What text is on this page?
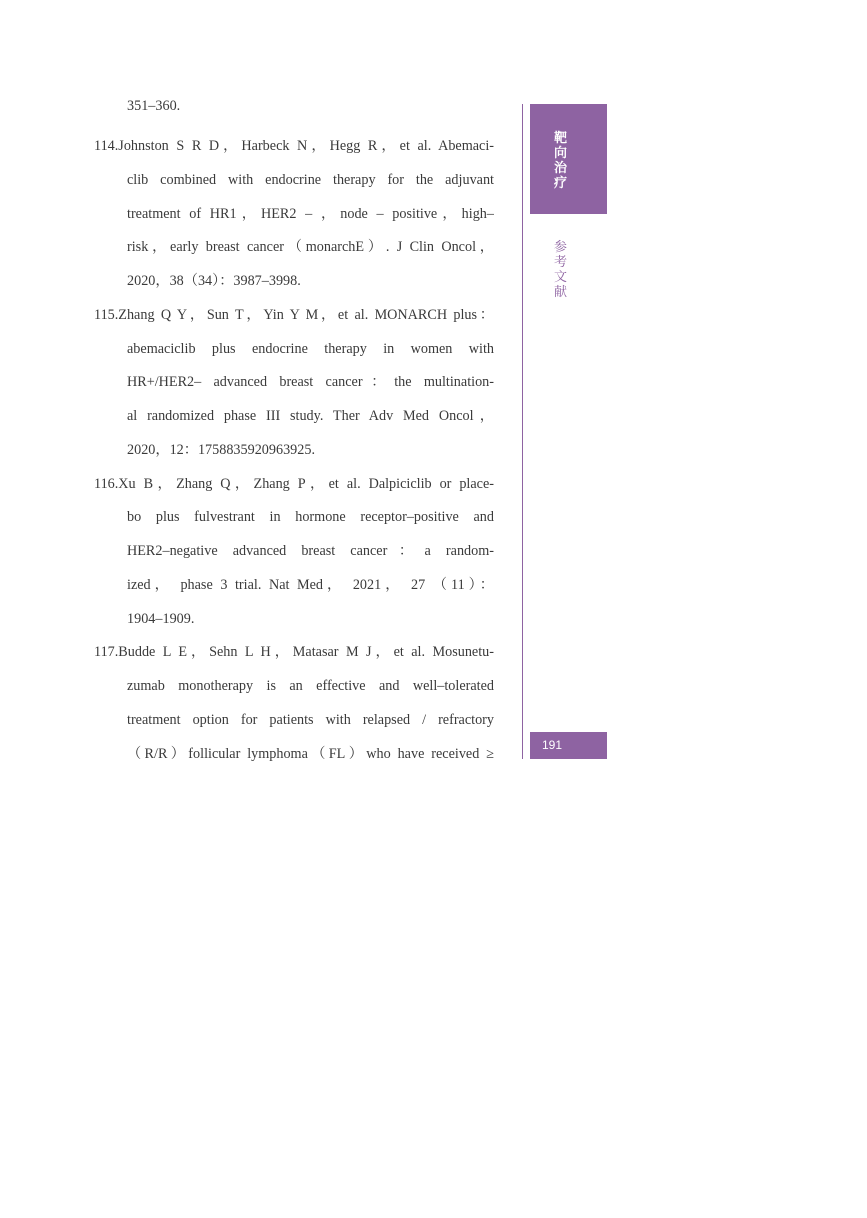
351–360.
114.Johnston S R D，Harbeck N，Hegg R，et al. Abemaci-
clib combined with endocrine therapy for the adjuvant
treatment of HR1，HER2 – ，node – positive，high–
risk，early breast cancer（monarchE）. J Clin Oncol，
2020，38（34）：3987–3998.
115.Zhang Q Y，Sun T，Yin Y M，et al. MONARCH plus：
abemaciclib plus endocrine therapy in women with
HR+/HER2– advanced breast cancer：the multination-
al randomized phase III study. Ther Adv Med Oncol，
2020，12：1758835920963925.
116.Xu B，Zhang Q，Zhang P，et al. Dalpiciclib or place-
bo plus fulvestrant in hormone receptor–positive and
HER2–negative advanced breast cancer：a random-
ized， phase 3 trial. Nat Med， 2021， 27 （11）：
1904–1909.
117.Budde L E，Sehn L H，Matasar M J，et al. Mosunetu-
zumab monotherapy is an effective and well–tolerated
treatment option for patients with relapsed / refractory
（R/R）follicular lymphoma（FL）who have received ≥
靶
向
治
疗
参
考
文
献
191
